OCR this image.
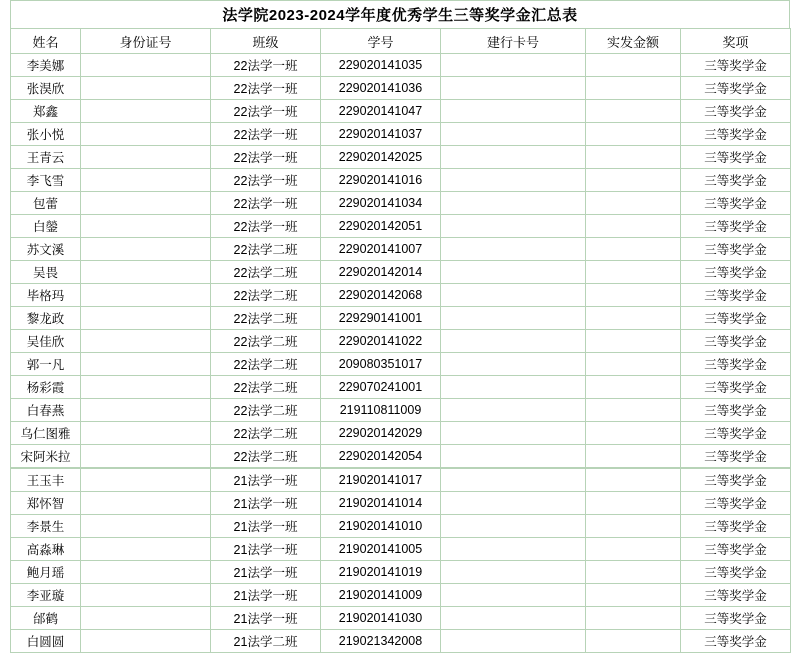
法学院2023-2024学年度优秀学生三等奖学金汇总表
姓名	身份证号	班级	学号	建行卡号	实发金额	奖项
李美娜		22法学一班	229020141035			三等奖学金
张淏欣		22法学一班	229020141036			三等奖学金
郑鑫		22法学一班	229020141047			三等奖学金
张小悦		22法学一班	229020141037			三等奖学金
王青云		22法学一班	229020142025			三等奖学金
李飞雪		22法学一班	229020141016			三等奖学金
包蕾		22法学一班	229020141034			三等奖学金
白鎣		22法学一班	229020142051			三等奖学金
苏文溪		22法学二班	229020141007			三等奖学金
吴畏		22法学二班	229020142014			三等奖学金
毕格玛		22法学二班	229020142068			三等奖学金
黎龙政		22法学二班	229290141001			三等奖学金
吴佳欣		22法学二班	229020141022			三等奖学金
郭一凡		22法学二班	209080351017			三等奖学金
杨彩霞		22法学二班	229070241001			三等奖学金
白春燕		22法学二班	219110811009			三等奖学金
乌仁图雅		22法学二班	229020142029			三等奖学金
宋阿米拉		22法学二班	229020142054			三等奖学金
王玉丰		21法学一班	219020141017			三等奖学金
郑怀智		21法学一班	219020141014			三等奖学金
李景生		21法学一班	219020141010			三等奖学金
高淼琳		21法学一班	219020141005			三等奖学金
鲍月瑶		21法学一班	219020141019			三等奖学金
李亚璇		21法学一班	219020141009			三等奖学金
邰鹤		21法学一班	219020141030			三等奖学金
白圆圆		21法学二班	219021342008			三等奖学金
